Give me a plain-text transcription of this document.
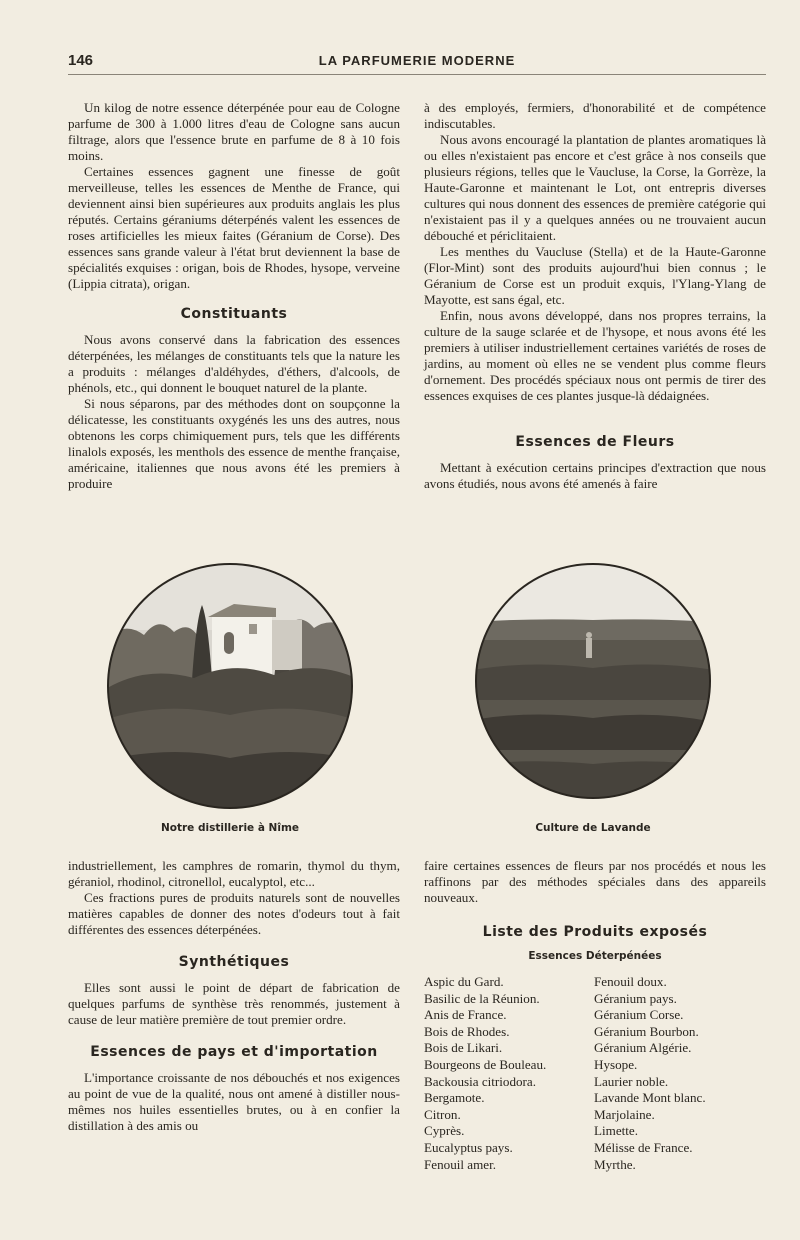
146	LA PARFUMERIE MODERNE

Un kilog de notre essence déterpénée pour eau de Cologne parfume de 300 à 1.000 litres d'eau de Cologne sans aucun filtrage, alors que l'essence brute en parfume de 8 à 10 fois moins.

Certaines essences gagnent une finesse de goût merveilleuse, telles les essences de Menthe de France, qui deviennent ainsi bien supérieures aux produits anglais les plus réputés. Certains géraniums déterpénés valent les essences de roses artificielles les mieux faites (Géranium de Corse). Des essences sans grande valeur à l'état brut deviennent la base de spécialités exquises : origan, bois de Rhodes, hysope, verveine (Lippia citrata), origan.

Constituants

Nous avons conservé dans la fabrication des essences déterpénées, les mélanges de constituants tels que la nature les a produits : mélanges d'aldéhydes, d'éthers, d'alcools, de phénols, etc., qui donnent le bouquet naturel de la plante.

Si nous séparons, par des méthodes dont on soupçonne la délicatesse, les constituants oxygénés les uns des autres, nous obtenons les corps chimiquement purs, tels que les différents linalols exposés, les menthols des essence de menthe française, américaine, italiennes que nous avons été les premiers à produire

à des employés, fermiers, d'honorabilité et de compétence indiscutables.

Nous avons encouragé la plantation de plantes aromatiques là ou elles n'existaient pas encore et c'est grâce à nos conseils que plusieurs régions, telles que le Vaucluse, la Corse, la Gorrèze, la Haute-Garonne et maintenant le Lot, ont entrepris diverses cultures qui nous donnent des essences de première catégorie qui n'existaient pas il y a quelques années ou ne trouvaient aucun débouché et périclitaient.

Les menthes du Vaucluse (Stella) et de la Haute-Garonne (Flor-Mint) sont des produits aujourd'hui bien connus ; le Géranium de Corse est un produit exquis, l'Ylang-Ylang de Mayotte, est sans égal, etc.

Enfin, nous avons développé, dans nos propres terrains, la culture de la sauge sclarée et de l'hysope, et nous avons été les premiers à utiliser industriellement certaines variétés de roses de jardins, au moment où elles ne se vendent plus comme fleurs d'ornement. Des procédés spéciaux nous ont permis de tirer des essences exquises de ces plantes jusque-là dédaignées.

Essences de Fleurs

Mettant à exécution certains principes d'extraction que nous avons étudiés, nous avons été amenés à faire

Notre distillerie à Nîme	Culture de Lavande

industriellement, les camphres de romarin, thymol du thym, géraniol, rhodinol, citronellol, eucalyptol, etc...

Ces fractions pures de produits naturels sont de nouvelles matières capables de donner des notes d'odeurs tout à fait différentes des essences déterpénées.

Synthétiques

Elles sont aussi le point de départ de fabrication de quelques parfums de synthèse très renommés, justement à cause de leur matière première de tout premier ordre.

Essences de pays et d'importation

L'importance croissante de nos débouchés et nos exigences au point de vue de la qualité, nous ont amené à distiller nous-mêmes nos huiles essentielles brutes, ou à en confier la distillation à des amis ou

faire certaines essences de fleurs par nos procédés et nous les raffinons par des méthodes spéciales dans des appareils nouveaux.

Liste des Produits exposés
Essences Déterpénées
Aspic du Gard.
Basilic de la Réunion.
Anis de France.
Bois de Rhodes.
Bois de Likari.
Bourgeons de Bouleau.
Backousia citriodora.
Bergamote.
Citron.
Cyprès.
Eucalyptus pays.
Fenouil amer.
Fenouil doux.
Géranium pays.
Géranium Corse.
Géranium Bourbon.
Géranium Algérie.
Hysope.
Laurier noble.
Lavande Mont blanc.
Marjolaine.
Limette.
Mélisse de France.
Myrthe.
